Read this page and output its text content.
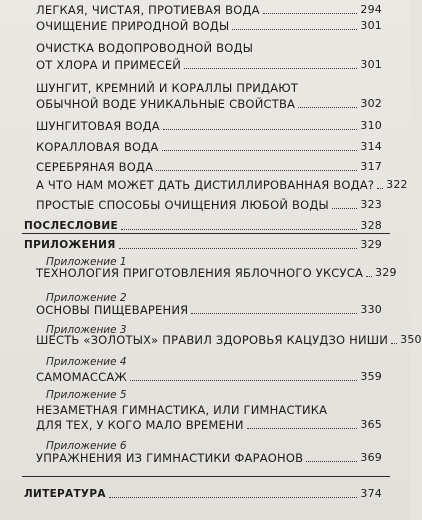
ЛЕГКАЯ, ЧИСТАЯ, ПРОТИЕВАЯ ВОДА	294
ОЧИЩЕНИЕ ПРИРОДНОЙ ВОДЫ	301
ОЧИСТКА ВОДОПРОВОДНОЙ ВОДЫ
ОТ ХЛОРА И ПРИМЕСЕЙ	301
ШУНГИТ, КРЕМНИЙ И КОРАЛЛЫ ПРИДАЮТ
ОБЫЧНОЙ ВОДЕ УНИКАЛЬНЫЕ СВОЙСТВА	302
ШУНГИТОВАЯ ВОДА	310
КОРАЛЛОВАЯ ВОДА	314
СЕРЕБРЯНАЯ ВОДА	317
А ЧТО НАМ МОЖЕТ ДАТЬ ДИСТИЛЛИРОВАННАЯ ВОДА? 322
ПРОСТЫЕ СПОСОБЫ ОЧИЩЕНИЯ ЛЮБОЙ ВОДЫ	323
ПОСЛЕСЛОВИЕ	328
ПРИЛОЖЕНИЯ	329
Приложение 1
ТЕХНОЛОГИЯ ПРИГОТОВЛЕНИЯ ЯБЛОЧНОГО УКСУСА 329
Приложение 2
ОСНОВЫ ПИЩЕВАРЕНИЯ	330
Приложение 3
ШЕСТЬ «ЗОЛОТЫХ» ПРАВИЛ ЗДОРОВЬЯ КАЦУДЗО НИШИ 350
Приложение 4
САМОМАССАЖ	359
Приложение 5
НЕЗАМЕТНАЯ ГИМНАСТИКА, ИЛИ ГИМНАСТИКА
ДЛЯ ТЕХ, У КОГО МАЛО ВРЕМЕНИ	365
Приложение 6
УПРАЖНЕНИЯ ИЗ ГИМНАСТИКИ ФАРАОНОВ	369
ЛИТЕРАТУРА	374
